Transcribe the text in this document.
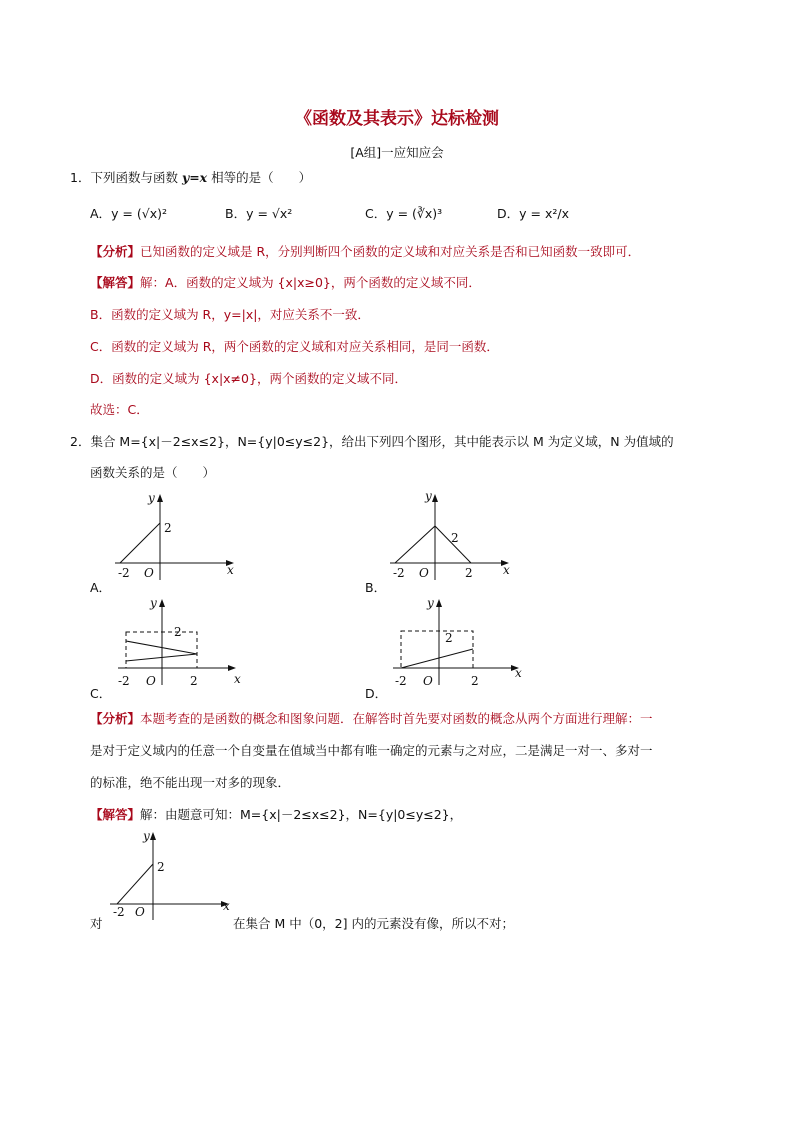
《函数及其表示》达标检测
[A组]一应知应会
1．下列函数与函数 y=x 相等的是（　　）
A．y = (√x)²	B．y = √x²	C．y = (∛x)³	D．y = x²/x
【分析】已知函数的定义域是 R，分别判断四个函数的定义域和对应关系是否和已知函数一致即可．
【解答】解：A．函数的定义域为 {x|x≥0}，两个函数的定义域不同．
B．函数的定义域为 R，y=|x|，对应关系不一致．
C．函数的定义域为 R，两个函数的定义域和对应关系相同，是同一函数．
D．函数的定义域为 {x|x≠0}，两个函数的定义域不同．
故选：C．
2．集合 M={x|－2≤x≤2}，N={y|0≤y≤2}，给出下列四个图形，其中能表示以 M 为定义域，N 为值域的
函数关系的是（　　）
A．
y
x
O
-2
2
B．
y
x
O
-2
2
2
C．
y
x
O
-2
2
2
D．
y
x
O
-2
2
2
【分析】本题考查的是函数的概念和图象问题．在解答时首先要对函数的概念从两个方面进行理解：一
是对于定义域内的任意一个自变量在值域当中都有唯一确定的元素与之对应，二是满足一对一、多对一
的标准，绝不能出现一对多的现象．
【解答】解：由题意可知：M={x|－2≤x≤2}，N={y|0≤y≤2}，
y
x
O
-2
2
对	在集合 M 中（0，2] 内的元素没有像，所以不对；
